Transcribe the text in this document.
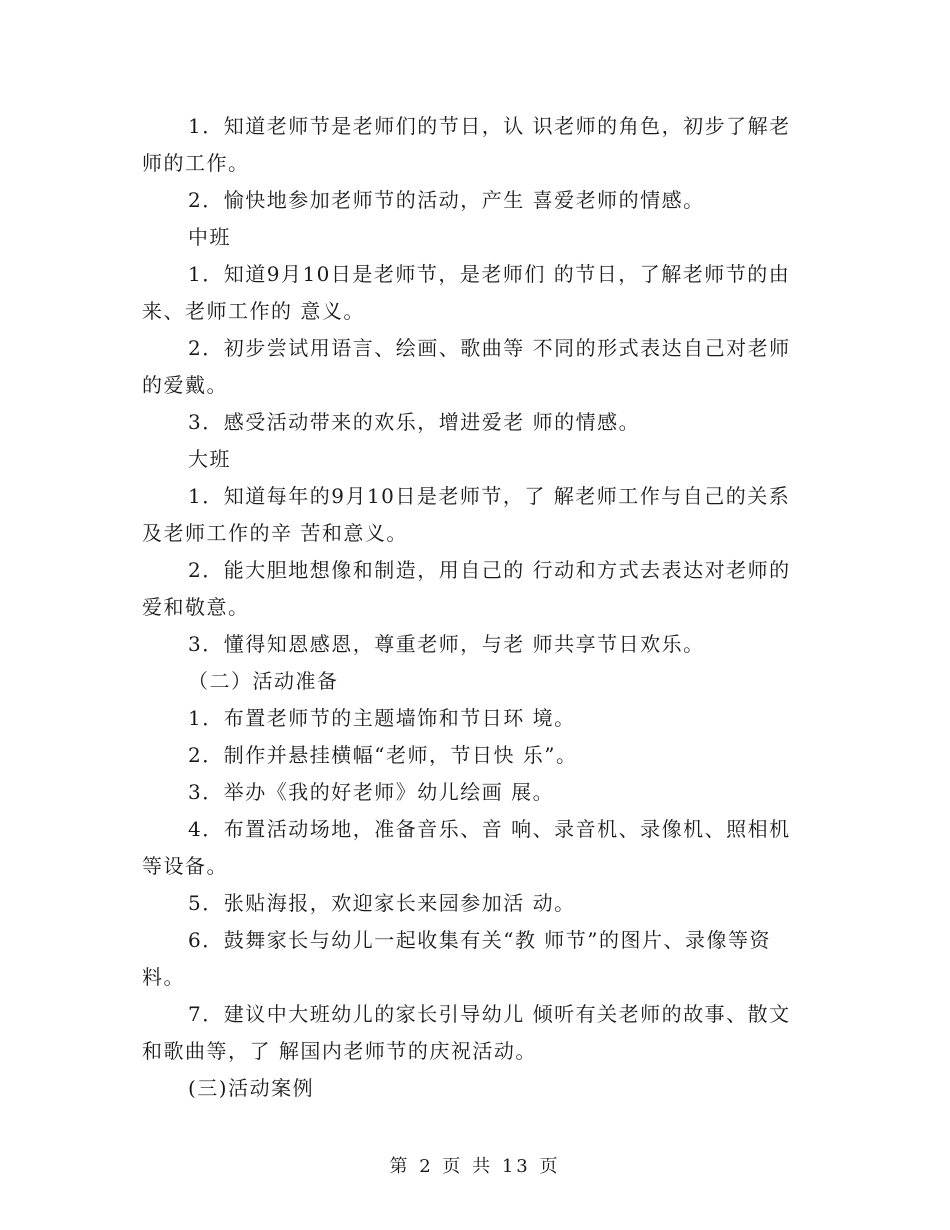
1．知道老师节是老师们的节日，认 识老师的角色，初步了解老

师的工作。

2．愉快地参加老师节的活动，产生 喜爱老师的情感。

中班

1．知道9月10日是老师节，是老师们 的节日，了解老师节的由

来、老师工作的 意义。

2．初步尝试用语言、绘画、歌曲等 不同的形式表达自己对老师

的爱戴。

3．感受活动带来的欢乐，增进爱老 师的情感。

大班

1．知道每年的9月10日是老师节，了 解老师工作与自己的关系

及老师工作的辛 苦和意义。

2．能大胆地想像和制造，用自己的 行动和方式去表达对老师的

爱和敬意。

3．懂得知恩感恩，尊重老师，与老 师共享节日欢乐。

（二）活动准备

1．布置老师节的主题墙饰和节日环 境。

2．制作并悬挂横幅“老师，节日快 乐”。

3．举办《我的好老师》幼儿绘画 展。

4．布置活动场地，准备音乐、音 响、录音机、录像机、照相机

等设备。

5．张贴海报，欢迎家长来园参加活 动。

6．鼓舞家长与幼儿一起收集有关“教 师节”的图片、录像等资

料。

7．建议中大班幼儿的家长引导幼儿 倾听有关老师的故事、散文

和歌曲等，了 解国内老师节的庆祝活动。

(三)活动案例

第 2 页 共 13 页
